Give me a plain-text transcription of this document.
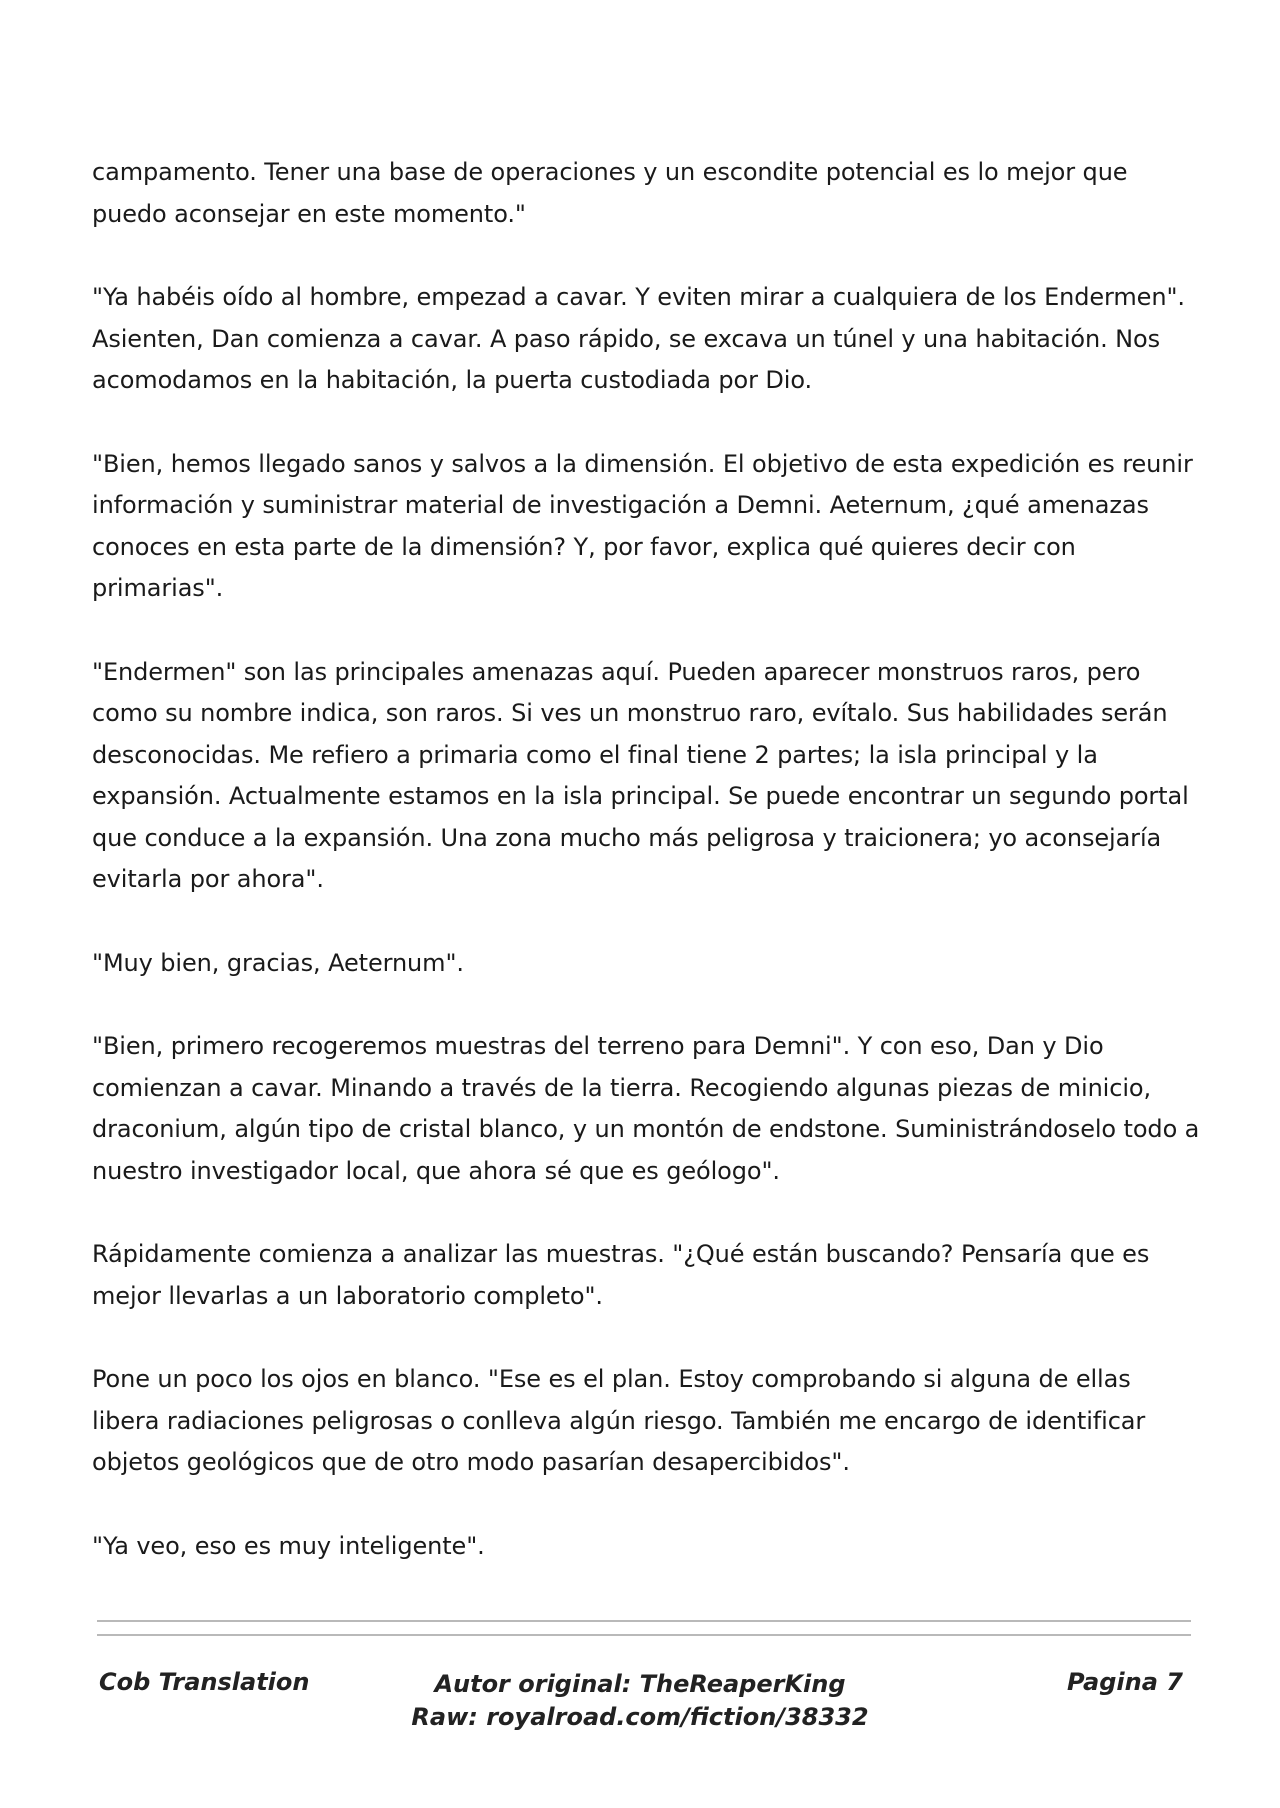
campamento. Tener una base de operaciones y un escondite potencial es lo mejor que puedo aconsejar en este momento."

"Ya habéis oído al hombre, empezad a cavar. Y eviten mirar a cualquiera de los Endermen". Asienten, Dan comienza a cavar. A paso rápido, se excava un túnel y una habitación. Nos acomodamos en la habitación, la puerta custodiada por Dio.

"Bien, hemos llegado sanos y salvos a la dimensión. El objetivo de esta expedición es reunir información y suministrar material de investigación a Demni. Aeternum, ¿qué amenazas conoces en esta parte de la dimensión? Y, por favor, explica qué quieres decir con primarias".

"Endermen" son las principales amenazas aquí. Pueden aparecer monstruos raros, pero como su nombre indica, son raros. Si ves un monstruo raro, evítalo. Sus habilidades serán desconocidas. Me refiero a primaria como el final tiene 2 partes; la isla principal y la expansión. Actualmente estamos en la isla principal. Se puede encontrar un segundo portal que conduce a la expansión. Una zona mucho más peligrosa y traicionera; yo aconsejaría evitarla por ahora".

"Muy bien, gracias, Aeternum".

"Bien, primero recogeremos muestras del terreno para Demni". Y con eso, Dan y Dio comienzan a cavar. Minando a través de la tierra. Recogiendo algunas piezas de minicio, draconium, algún tipo de cristal blanco, y un montón de endstone. Suministrándoselo todo a nuestro investigador local, que ahora sé que es geólogo".

Rápidamente comienza a analizar las muestras. "¿Qué están buscando? Pensaría que es mejor llevarlas a un laboratorio completo".

Pone un poco los ojos en blanco. "Ese es el plan. Estoy comprobando si alguna de ellas libera radiaciones peligrosas o conlleva algún riesgo. También me encargo de identificar objetos geológicos que de otro modo pasarían desapercibidos".

"Ya veo, eso es muy inteligente".

Cob Translation	Autor original: TheReaperKing
Raw: royalroad.com/fiction/38332
Pagina 7
